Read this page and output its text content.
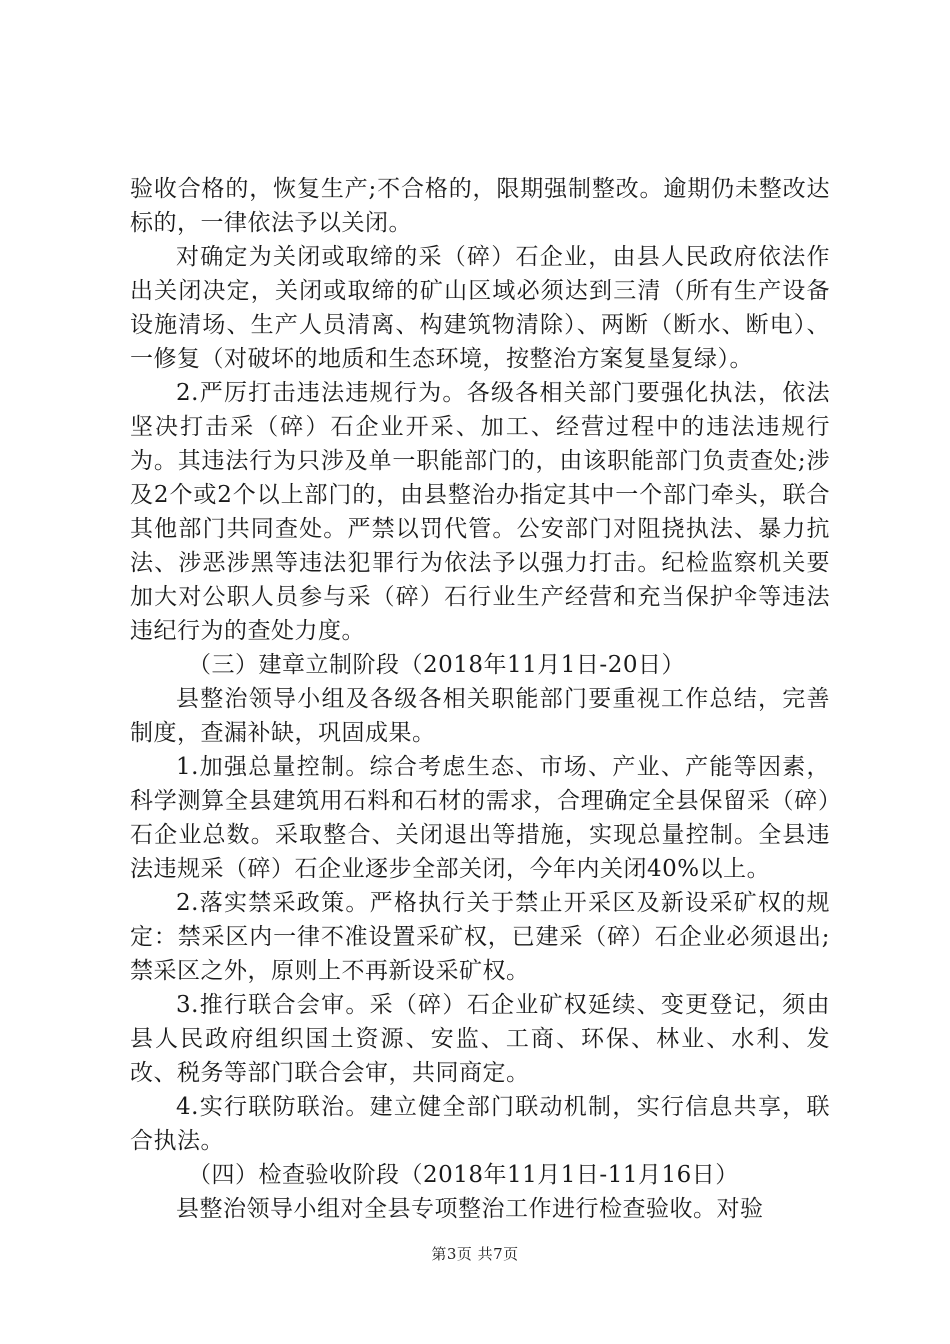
验收合格的，恢复生产;不合格的，限期强制整改。逾期仍未整改达标的，一律依法予以关闭。

对确定为关闭或取缔的采（碎）石企业，由县人民政府依法作出关闭决定，关闭或取缔的矿山区域必须达到三清（所有生产设备设施清场、生产人员清离、构建筑物清除）、两断（断水、断电）、一修复（对破坏的地质和生态环境，按整治方案复垦复绿）。

2.严厉打击违法违规行为。各级各相关部门要强化执法，依法坚决打击采（碎）石企业开采、加工、经营过程中的违法违规行为。其违法行为只涉及单一职能部门的，由该职能部门负责查处;涉及2个或2个以上部门的，由县整治办指定其中一个部门牵头，联合其他部门共同查处。严禁以罚代管。公安部门对阻挠执法、暴力抗法、涉恶涉黑等违法犯罪行为依法予以强力打击。纪检监察机关要加大对公职人员参与采（碎）石行业生产经营和充当保护伞等违法违纪行为的查处力度。

（三）建章立制阶段（2018年11月1日-20日）

县整治领导小组及各级各相关职能部门要重视工作总结，完善制度，查漏补缺，巩固成果。

1.加强总量控制。综合考虑生态、市场、产业、产能等因素，科学测算全县建筑用石料和石材的需求，合理确定全县保留采（碎）石企业总数。采取整合、关闭退出等措施，实现总量控制。全县违法违规采（碎）石企业逐步全部关闭，今年内关闭40%以上。

2.落实禁采政策。严格执行关于禁止开采区及新设采矿权的规定：禁采区内一律不准设置采矿权，已建采（碎）石企业必须退出;禁采区之外，原则上不再新设采矿权。

3.推行联合会审。采（碎）石企业矿权延续、变更登记，须由县人民政府组织国土资源、安监、工商、环保、林业、水利、发改、税务等部门联合会审，共同商定。

4.实行联防联治。建立健全部门联动机制，实行信息共享，联合执法。

（四）检查验收阶段（2018年11月1日-11月16日）

县整治领导小组对全县专项整治工作进行检查验收。对验

第3页 共7页
